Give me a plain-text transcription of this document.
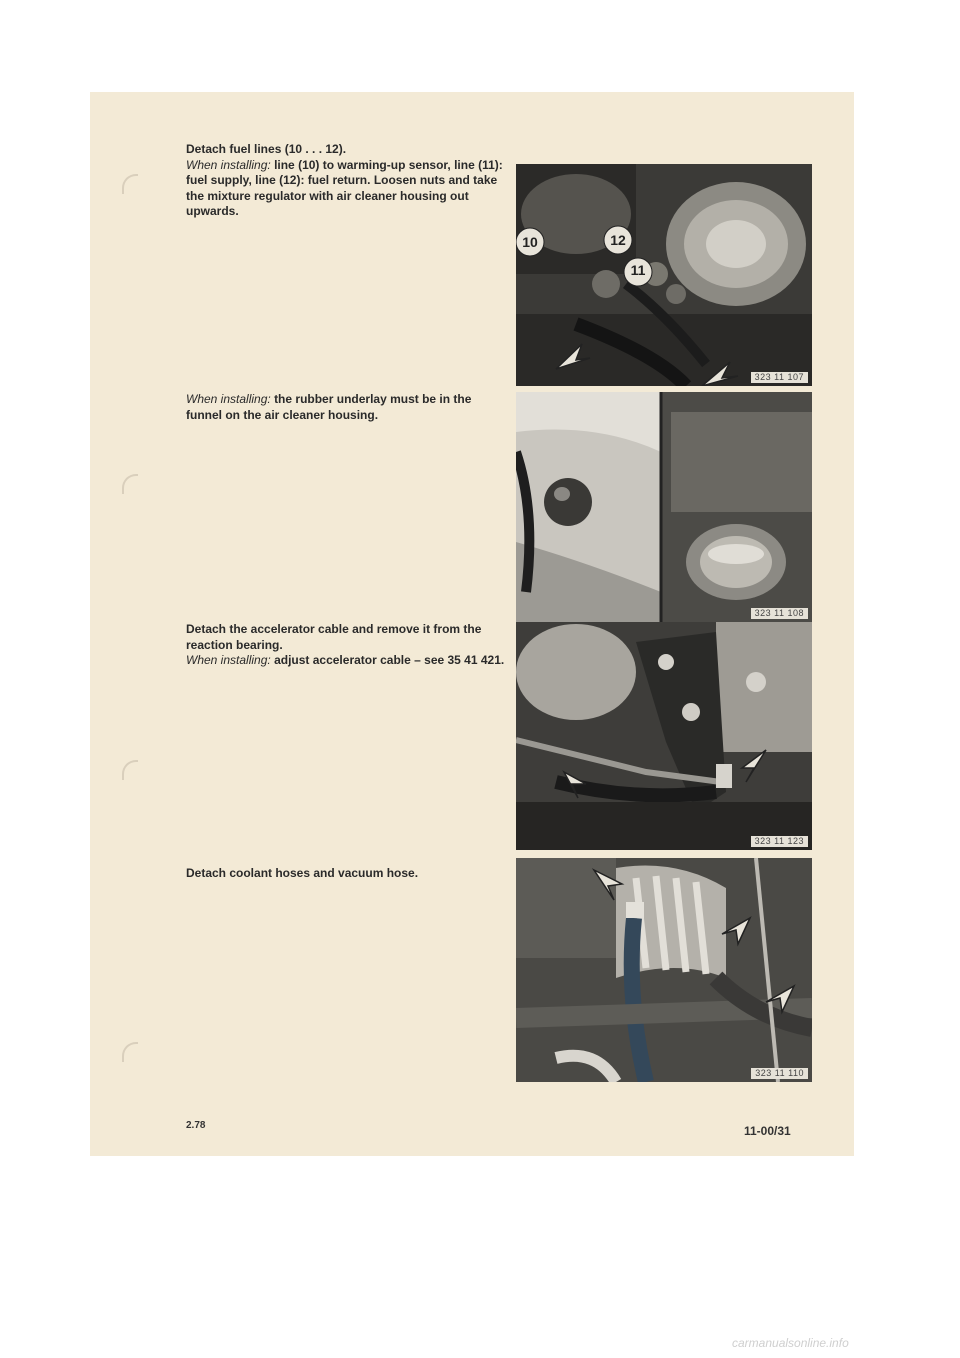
Detach fuel lines (10 . . . 12).
When installing: line (10) to warming-up sensor, line (11): fuel supply, line (12): fuel return. Loosen nuts and take the mixture regulator with air cleaner housing out upwards.
10
11
12
323 11 107
When installing: the rubber underlay must be in the funnel on the air cleaner housing.
323 11 108
Detach the accelerator cable and remove it from the reaction bearing.
When installing: adjust accelerator cable – see 35 41 421.
323 11 123
Detach coolant hoses and vacuum hose.
323 11 110
2.78	11-00/31
carmanualsonline.info
